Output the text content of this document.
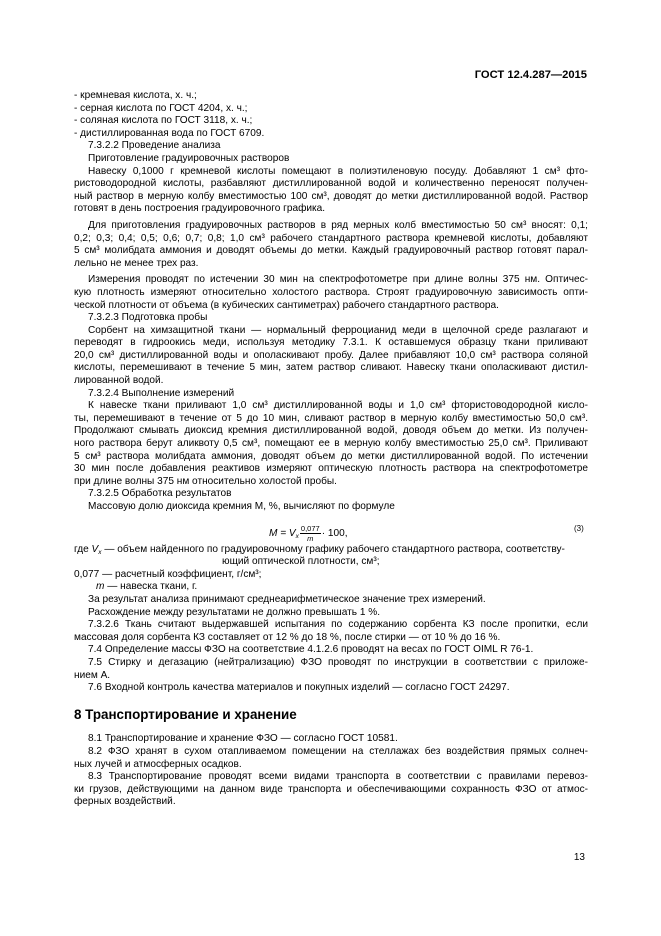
ГОСТ 12.4.287—2015
- кремневая кислота, х. ч.;
- серная кислота по ГОСТ 4204, х. ч.;
- соляная кислота по ГОСТ 3118, х. ч.;
- дистиллированная вода по ГОСТ 6709.
7.3.2.2 Проведение анализа
Приготовление градуировочных растворов
Навеску 0,1000 г кремневой кислоты помещают в полиэтиленовую посуду. Добавляют 1 см³ фто-
ристоводородной кислоты, разбавляют дистиллированной водой и количественно переносят получен-
ный раствор в мерную колбу вместимостью 100 см³, доводят до метки дистиллированной водой. Раствор
готовят в день построения градуировочного графика.
Для приготовления градуировочных растворов в ряд мерных колб вместимостью 50 см³ вносят: 0,1;
0,2; 0,3; 0,4; 0,5; 0,6; 0,7; 0,8; 1,0 см³ рабочего стандартного раствора кремневой кислоты, добавляют
5 см³ молибдата аммония и доводят объемы до метки. Каждый градуировочный раствор готовят парал-
лельно не менее трех раз.
Измерения проводят по истечении 30 мин на спектрофотометре при длине волны 375 нм. Оптичес-
кую плотность измеряют относительно холостого раствора. Строят градуировочную зависимость опти-
ческой плотности от объема (в кубических сантиметрах) рабочего стандартного раствора.
7.3.2.3 Подготовка пробы
Сорбент на химзащитной ткани — нормальный ферроцианид меди в щелочной среде разлагают и
переводят в гидроокись меди, используя методику 7.3.1. К оставшемуся образцу ткани приливают
20,0 см³ дистиллированной воды и ополаскивают пробу. Далее прибавляют 10,0 см³ раствора соляной
кислоты, перемешивают в течение 5 мин, затем раствор сливают. Навеску ткани ополаскивают дистил-
лированной водой.
7.3.2.4 Выполнение измерений
К навеске ткани приливают 1,0 см³ дистиллированной воды и 1,0 см³ фтористоводородной кисло-
ты, перемешивают в течение от 5 до 10 мин, сливают раствор в мерную колбу вместимостью 50,0 см³.
Продолжают смывать диоксид кремния дистиллированной водой, доводя объем до метки. Из получен-
ного раствора берут аликвоту 0,5 см³, помещают ее в мерную колбу вместимостью 25,0 см³. Приливают
5 см³ раствора молибдата аммония, доводят объем до метки дистиллированной водой. По истечении
30 мин после добавления реактивов измеряют оптическую плотность раствора на спектрофотометре
при длине волны 375 нм относительно холостой пробы.
7.3.2.5 Обработка результатов
Массовую долю диоксида кремния М, %, вычисляют по формуле
$M = V_x \frac{0,077}{m} \cdot 100$,	(3)
где $V_x$ — объем найденного по градуировочному графику рабочего стандартного раствора, соответству-
ющий оптической плотности, см³;
0,077 — расчетный коэффициент, г/см³;
m — навеска ткани, г.
За результат анализа принимают среднеарифметическое значение трех измерений.
Расхождение между результатами не должно превышать 1 %.
7.3.2.6 Ткань считают выдержавшей испытания по содержанию сорбента КЗ после пропитки, если
массовая доля сорбента КЗ составляет от 12 % до 18 %, после стирки — от 10 % до 16 %.
7.4 Определение массы ФЗО на соответствие 4.1.2.6 проводят на весах по ГОСТ OIML R 76-1.
7.5 Стирку и дегазацию (нейтрализацию) ФЗО проводят по инструкции в соответствии с приложе-
нием А.
7.6 Входной контроль качества материалов и покупных изделий — согласно ГОСТ 24297.
8 Транспортирование и хранение
8.1 Транспортирование и хранение ФЗО — согласно ГОСТ 10581.
8.2 ФЗО хранят в сухом отапливаемом помещении на стеллажах без воздействия прямых солнеч-
ных лучей и атмосферных осадков.
8.3 Транспортирование проводят всеми видами транспорта в соответствии с правилами перевоз-
ки грузов, действующими на данном виде транспорта и обеспечивающими сохранность ФЗО от атмос-
ферных воздействий.
13
